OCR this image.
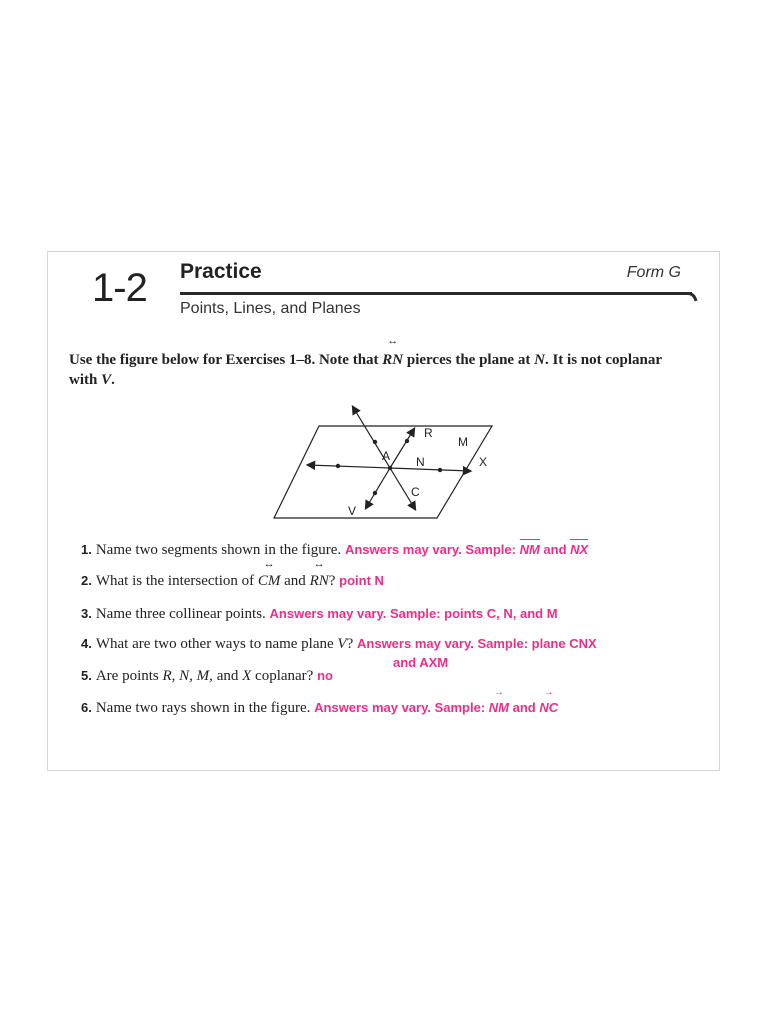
1-2 Practice	Form G
Points, Lines, and Planes
Use the figure below for Exercises 1–8. Note that RN ↔ pierces the plane at N. It is not coplanar with V.
R
M
A N	X
C
V
1. Name two segments shown in the figure. Answers may vary. Sample: NM and NX
2. What is the intersection of CM ↔ and RN ↔? point N
3. Name three collinear points. Answers may vary. Sample: points C, N, and M
4. What are two other ways to name plane V? Answers may vary. Sample: plane CNX
and AXM
5. Are points R, N, M, and X coplanar? no
6. Name two rays shown in the figure. Answers may vary. Sample: NM → and NC →
